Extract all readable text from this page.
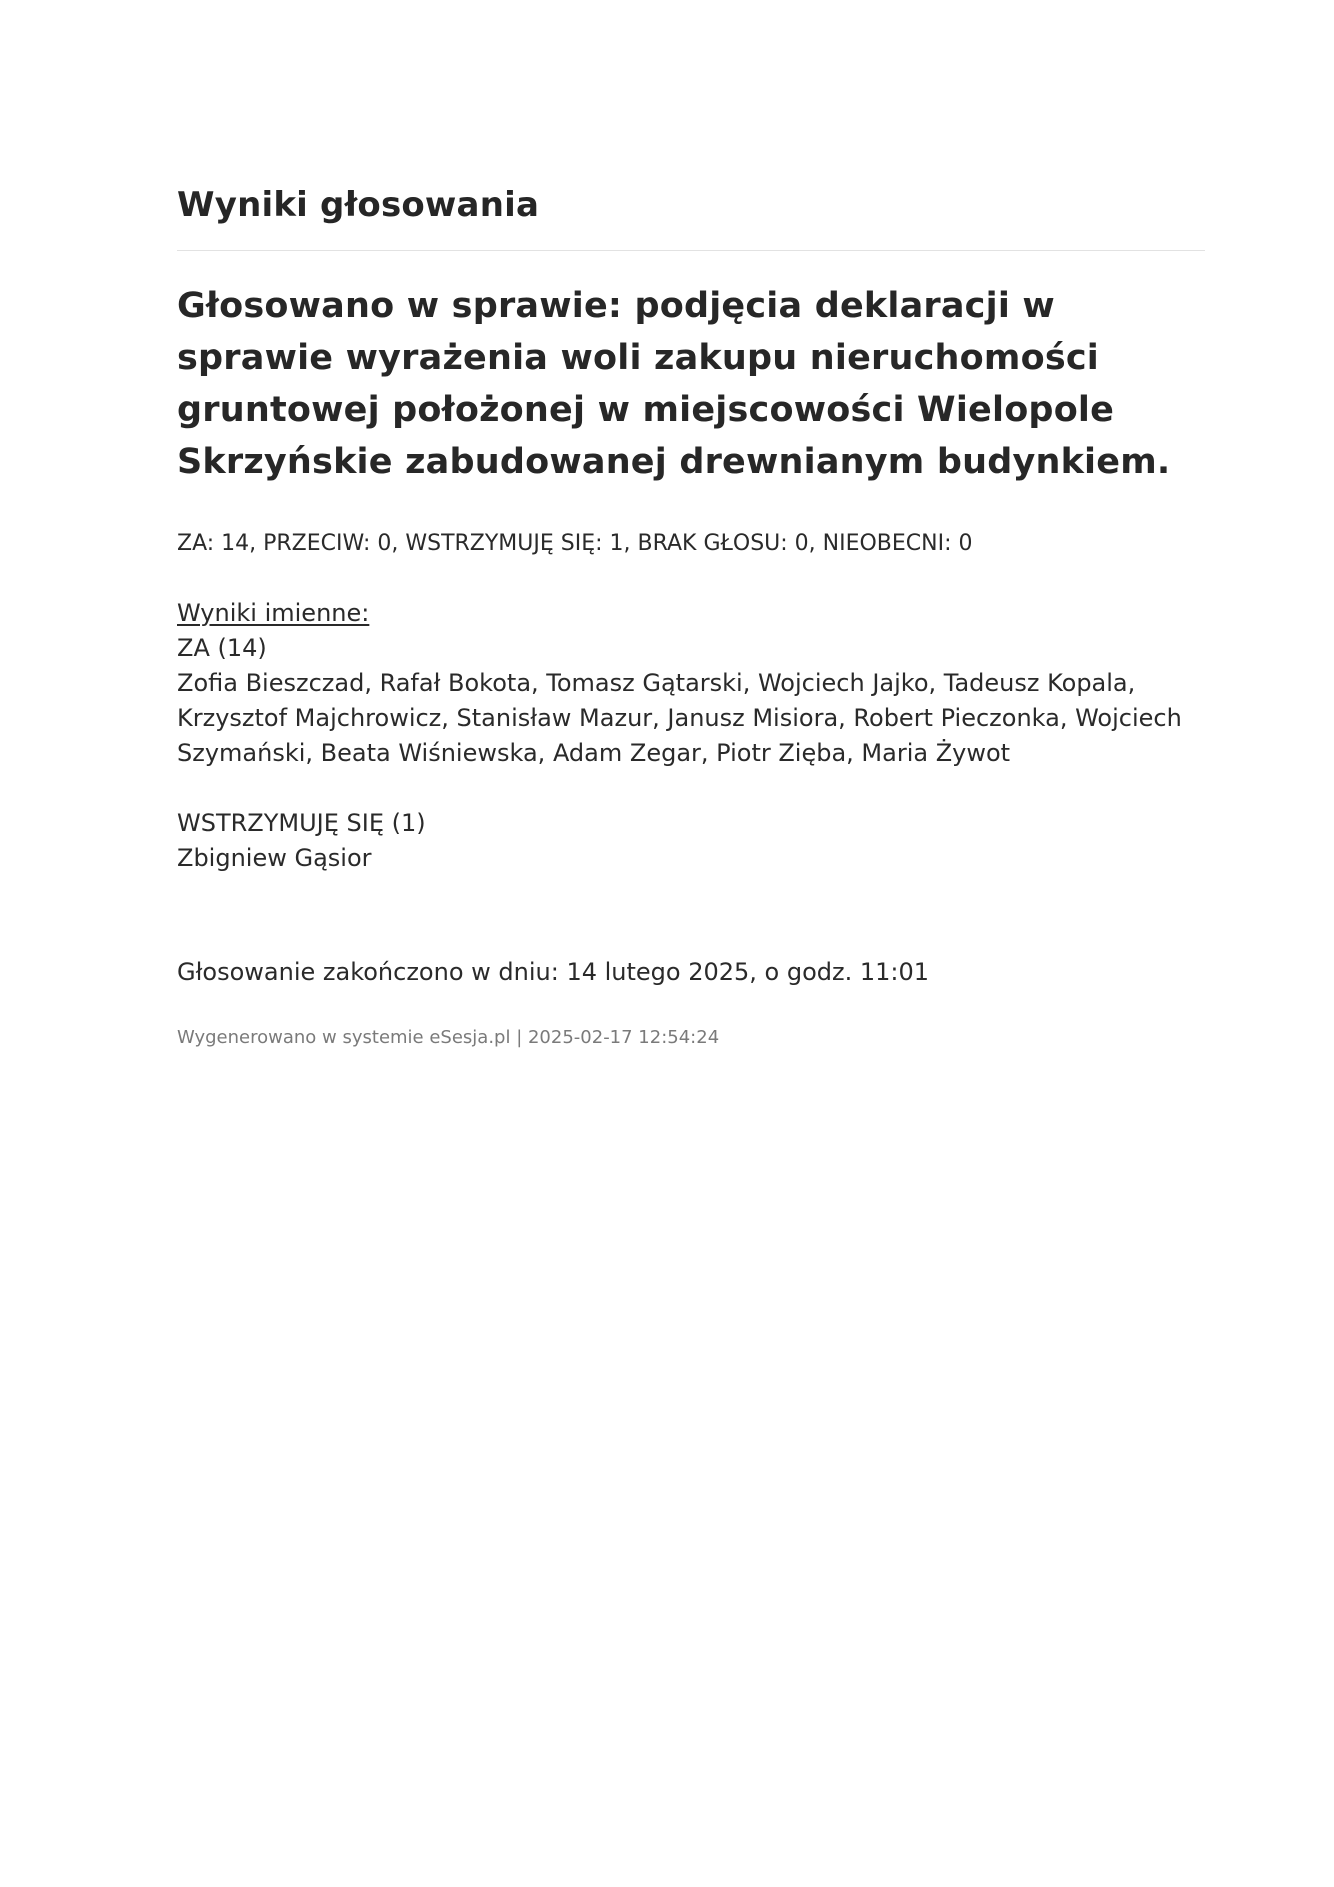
Wyniki głosowania
Głosowano w sprawie: podjęcia deklaracji w sprawie wyrażenia woli zakupu nieruchomości gruntowej położonej w miejscowości Wielopole Skrzyńskie zabudowanej drewnianym budynkiem.
ZA: 14, PRZECIW: 0, WSTRZYMUJĘ SIĘ: 1, BRAK GŁOSU: 0, NIEOBECNI: 0
Wyniki imienne:
ZA (14)
Zofia Bieszczad, Rafał Bokota, Tomasz Gątarski, Wojciech Jajko, Tadeusz Kopala, Krzysztof Majchrowicz, Stanisław Mazur, Janusz Misiora, Robert Pieczonka, Wojciech Szymański, Beata Wiśniewska, Adam Zegar, Piotr Zięba, Maria Żywot
WSTRZYMUJĘ SIĘ (1)
Zbigniew Gąsior
Głosowanie zakończono w dniu: 14 lutego 2025, o godz. 11:01
Wygenerowano w systemie eSesja.pl | 2025-02-17 12:54:24
